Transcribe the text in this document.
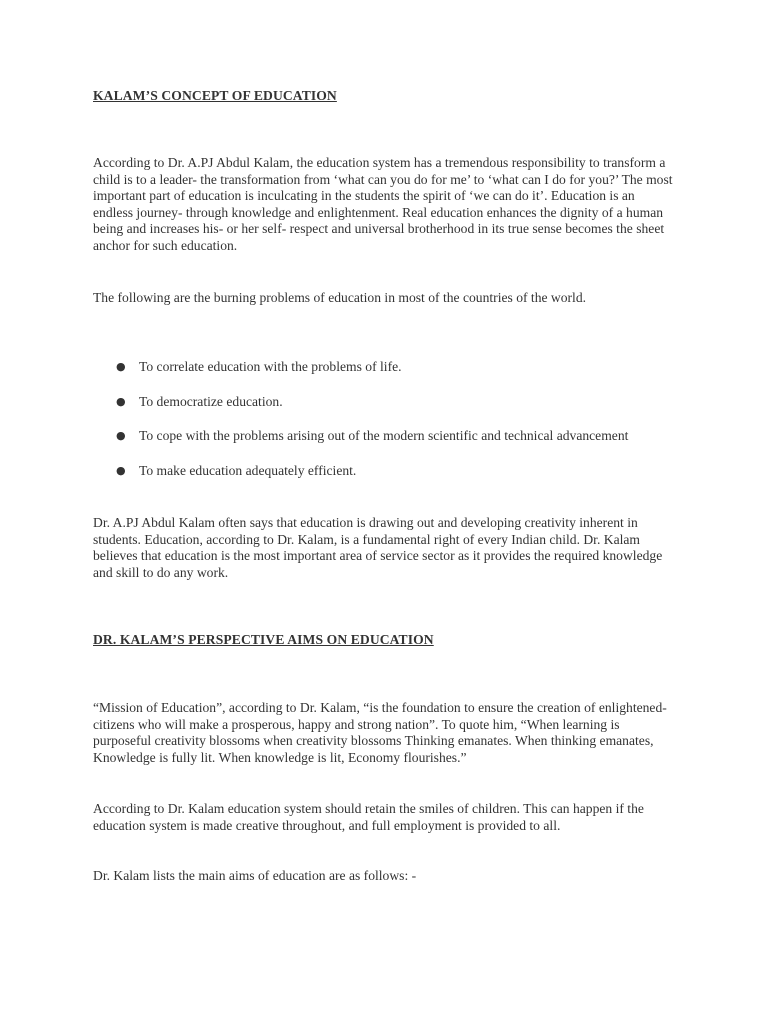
KALAM’S CONCEPT OF EDUCATION

According to Dr. A.PJ Abdul Kalam, the education system has a tremendous responsibility to transform a child is to a leader- the transformation from ‘what can you do for me’ to ‘what can I do for you?’ The most important part of education is inculcating in the students the spirit of ‘we can do it’. Education is an endless journey- through knowledge and enlightenment. Real education enhances the dignity of a human being and increases his- or her self- respect and universal brotherhood in its true sense becomes the sheet anchor for such education.

The following are the burning problems of education in most of the countries of the world.

● To correlate education with the problems of life.
● To democratize education.
● To cope with the problems arising out of the modern scientific and technical advancement
● To make education adequately efficient.

Dr. A.PJ Abdul Kalam often says that education is drawing out and developing creativity inherent in students. Education, according to Dr. Kalam, is a fundamental right of every Indian child. Dr. Kalam believes that education is the most important area of service sector as it provides the required knowledge and skill to do any work.

DR. KALAM’S PERSPECTIVE AIMS ON EDUCATION

“Mission of Education”, according to Dr. Kalam, “is the foundation to ensure the creation of enlightened-citizens who will make a prosperous, happy and strong nation”. To quote him, “When learning is purposeful creativity blossoms when creativity blossoms Thinking emanates. When thinking emanates, Knowledge is fully lit. When knowledge is lit, Economy flourishes.”

According to Dr. Kalam education system should retain the smiles of children. This can happen if the education system is made creative throughout, and full employment is provided to all.

Dr. Kalam lists the main aims of education are as follows: -
